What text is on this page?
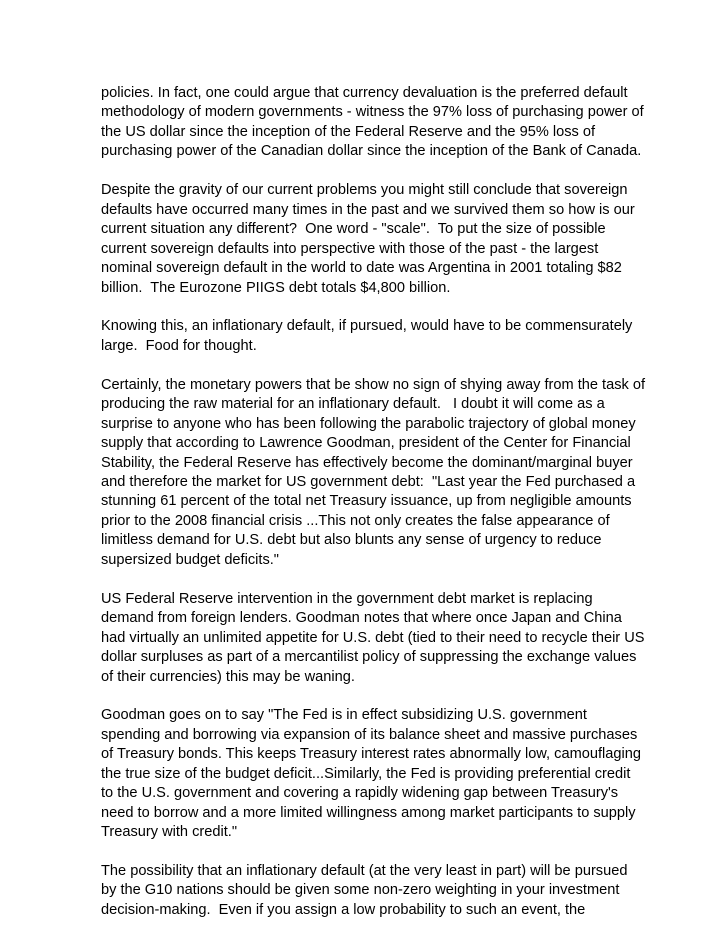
policies. In fact, one could argue that currency devaluation is the preferred default
methodology of modern governments - witness the 97% loss of purchasing power of
the US dollar since the inception of the Federal Reserve and the 95% loss of
purchasing power of the Canadian dollar since the inception of the Bank of Canada.

Despite the gravity of our current problems you might still conclude that sovereign
defaults have occurred many times in the past and we survived them so how is our
current situation any different?  One word - "scale".  To put the size of possible
current sovereign defaults into perspective with those of the past - the largest
nominal sovereign default in the world to date was Argentina in 2001 totaling $82
billion.  The Eurozone PIIGS debt totals $4,800 billion.

Knowing this, an inflationary default, if pursued, would have to be commensurately
large.  Food for thought.

Certainly, the monetary powers that be show no sign of shying away from the task of
producing the raw material for an inflationary default.   I doubt it will come as a
surprise to anyone who has been following the parabolic trajectory of global money
supply that according to Lawrence Goodman, president of the Center for Financial
Stability, the Federal Reserve has effectively become the dominant/marginal buyer
and therefore the market for US government debt:  "Last year the Fed purchased a
stunning 61 percent of the total net Treasury issuance, up from negligible amounts
prior to the 2008 financial crisis ...This not only creates the false appearance of
limitless demand for U.S. debt but also blunts any sense of urgency to reduce
supersized budget deficits."

US Federal Reserve intervention in the government debt market is replacing
demand from foreign lenders. Goodman notes that where once Japan and China
had virtually an unlimited appetite for U.S. debt (tied to their need to recycle their US
dollar surpluses as part of a mercantilist policy of suppressing the exchange values
of their currencies) this may be waning.

Goodman goes on to say "The Fed is in effect subsidizing U.S. government
spending and borrowing via expansion of its balance sheet and massive purchases
of Treasury bonds. This keeps Treasury interest rates abnormally low, camouflaging
the true size of the budget deficit...Similarly, the Fed is providing preferential credit
to the U.S. government and covering a rapidly widening gap between Treasury's
need to borrow and a more limited willingness among market participants to supply
Treasury with credit."

The possibility that an inflationary default (at the very least in part) will be pursued
by the G10 nations should be given some non-zero weighting in your investment
decision-making.  Even if you assign a low probability to such an event, the
